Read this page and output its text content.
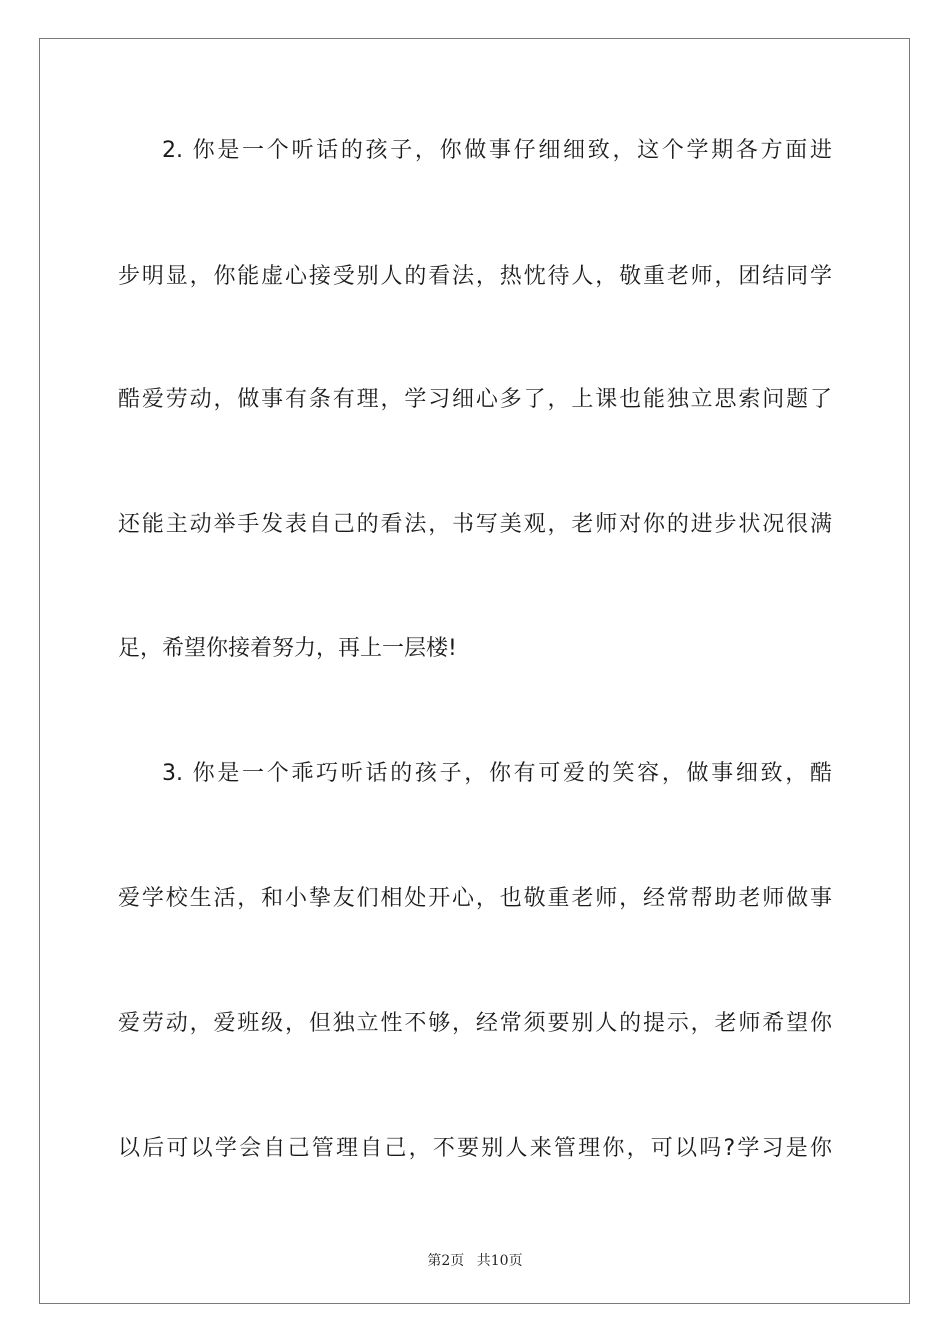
2. 你是一个听话的孩子，你做事仔细细致，这个学期各方面进
步明显，你能虚心接受别人的看法，热忱待人，敬重老师，团结同学
酷爱劳动，做事有条有理，学习细心多了，上课也能独立思索问题了
还能主动举手发表自己的看法，书写美观，老师对你的进步状况很满
足，希望你接着努力，再上一层楼!
3. 你是一个乖巧听话的孩子，你有可爱的笑容，做事细致，酷
爱学校生活，和小挚友们相处开心，也敬重老师，经常帮助老师做事
爱劳动，爱班级，但独立性不够，经常须要别人的提示，老师希望你
以后可以学会自己管理自己，不要别人来管理你，可以吗?学习是你
第2页 共10页
